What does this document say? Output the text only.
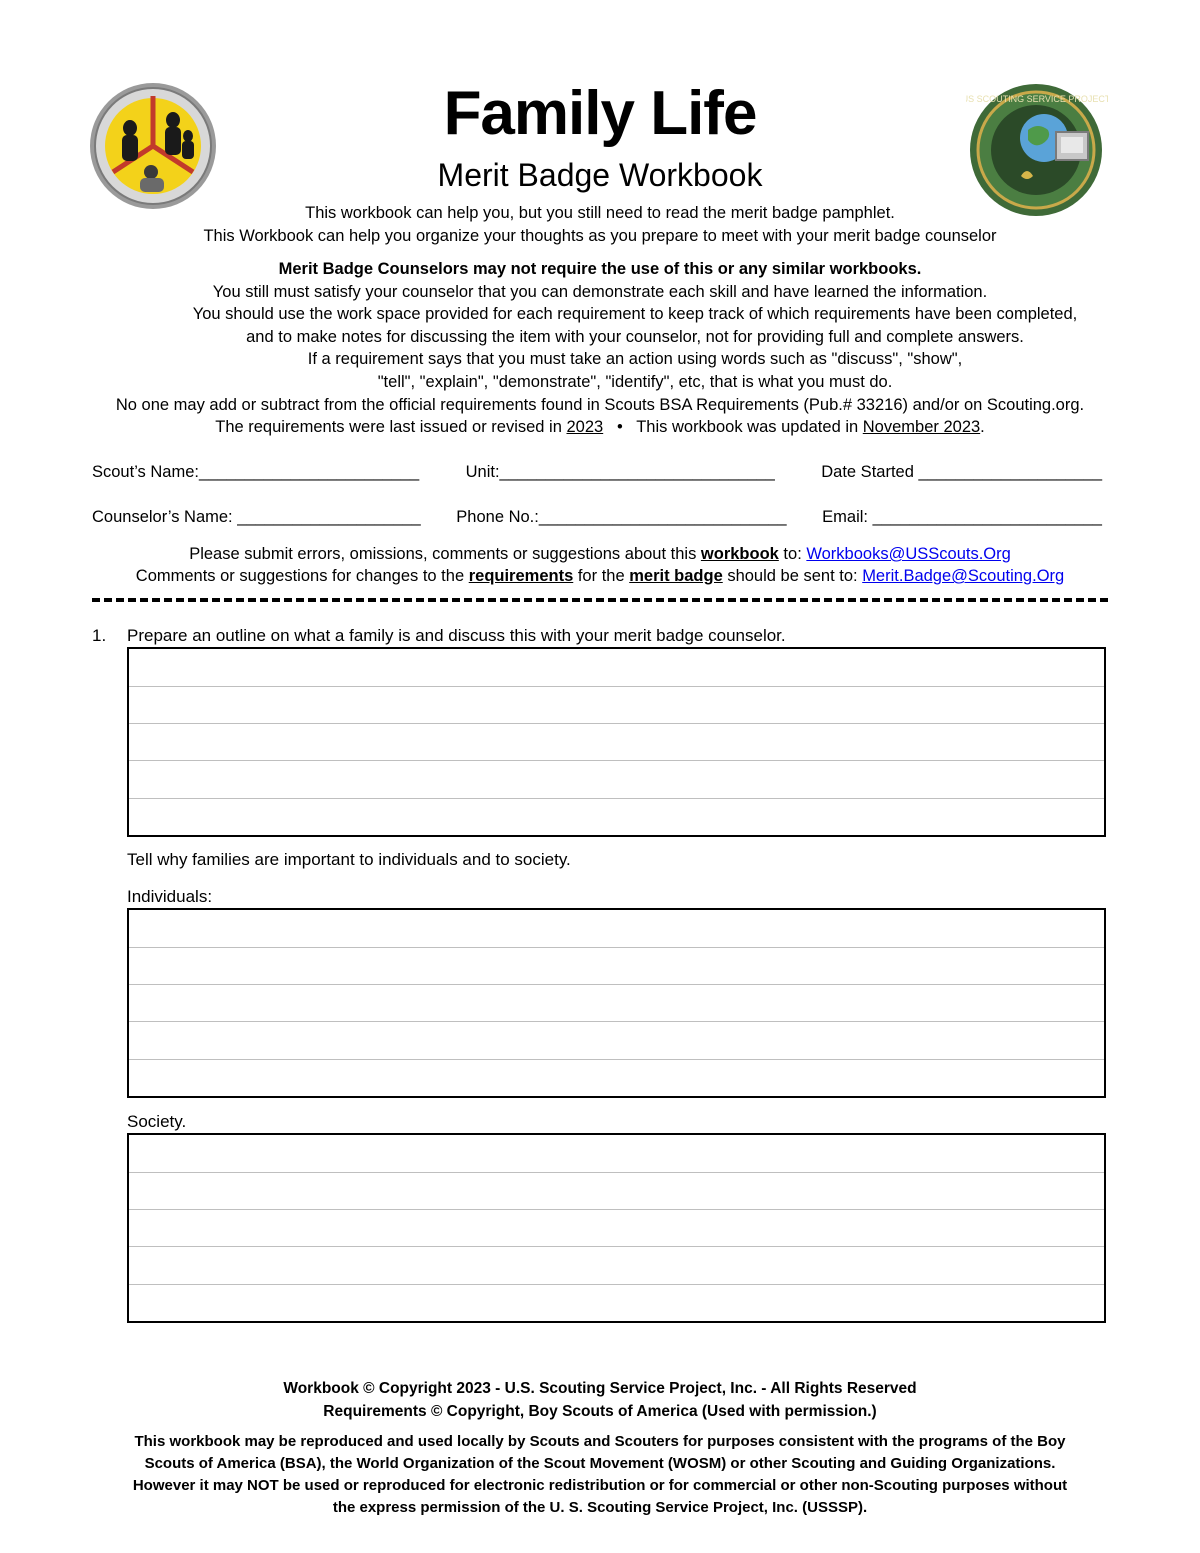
US SCOUTING SERVICE PROJECT
Family Life
Merit Badge Workbook
This workbook can help you, but you still need to read the merit badge pamphlet.
This Workbook can help you organize your thoughts as you prepare to meet with your merit badge counselor
Merit Badge Counselors may not require the use of this or any similar workbooks.
You still must satisfy your counselor that you can demonstrate each skill and have learned the information.
You should use the work space provided for each requirement to keep track of which requirements have been completed,
and to make notes for discussing the item with your counselor, not for providing full and complete answers.
If a requirement says that you must take an action using words such as "discuss", "show",
"tell", "explain", "demonstrate", "identify", etc, that is what you must do.
No one may add or subtract from the official requirements found in Scouts BSA Requirements (Pub.# 33216) and/or on Scouting.org.
The requirements were last issued or revised in 2023 • This workbook was updated in November 2023.
Scout’s Name:________________________	Unit:______________________________	Date Started ____________________
Counselor’s Name: ____________________ Phone No.:___________________________ Email: _________________________
Please submit errors, omissions, comments or suggestions about this workbook to: Workbooks@USScouts.Org
Comments or suggestions for changes to the requirements for the merit badge should be sent to: Merit.Badge@Scouting.Org
1. Prepare an outline on what a family is and discuss this with your merit badge counselor.
Tell why families are important to individuals and to society.
Individuals:
Society.
Workbook © Copyright 2023 - U.S. Scouting Service Project, Inc. - All Rights Reserved
Requirements © Copyright, Boy Scouts of America (Used with permission.)
This workbook may be reproduced and used locally by Scouts and Scouters for purposes consistent with the programs of the Boy
Scouts of America (BSA), the World Organization of the Scout Movement (WOSM) or other Scouting and Guiding Organizations.
However it may NOT be used or reproduced for electronic redistribution or for commercial or other non-Scouting purposes without
the express permission of the U. S. Scouting Service Project, Inc. (USSSP).
